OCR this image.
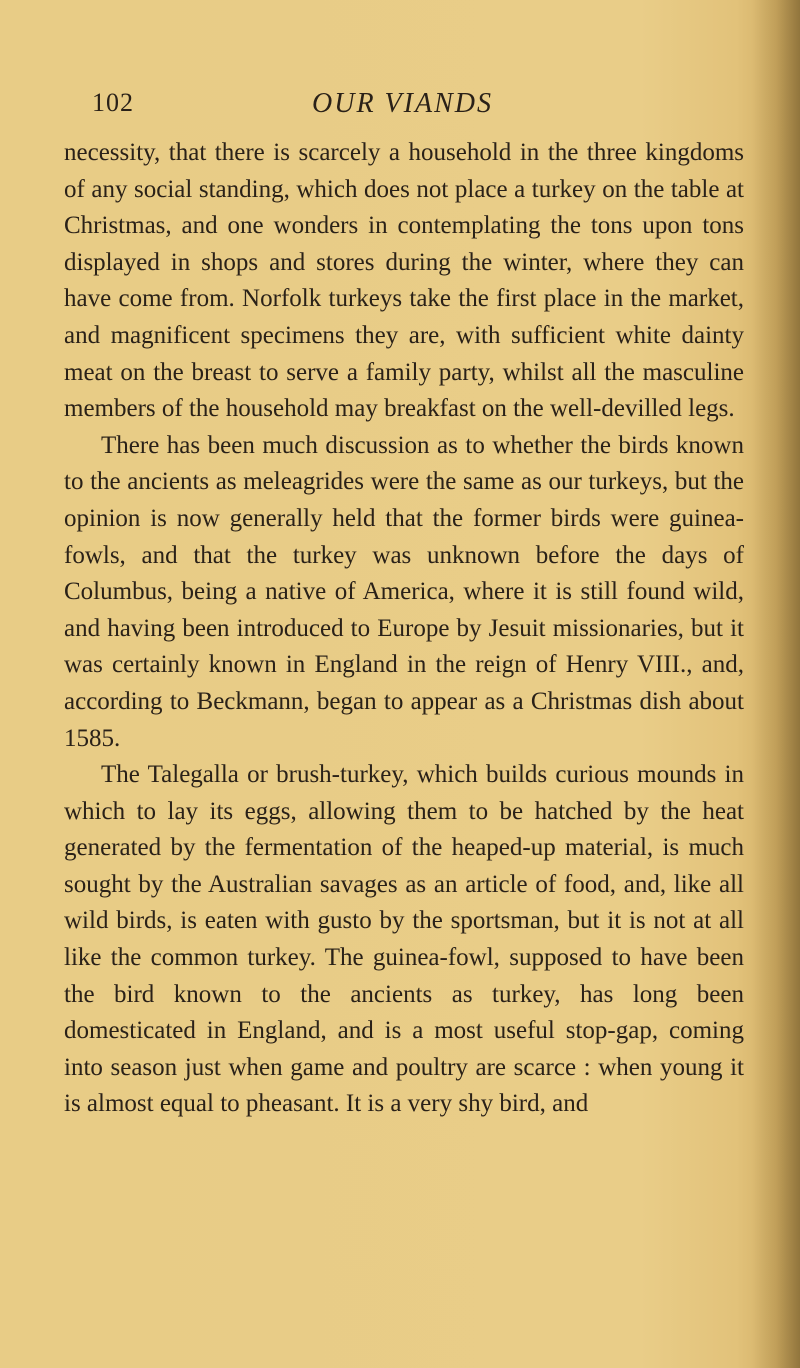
102	OUR VIANDS

necessity, that there is scarcely a household in the three kingdoms of any social standing, which does not place a turkey on the table at Christmas, and one wonders in contemplating the tons upon tons displayed in shops and stores during the winter, where they can have come from. Norfolk turkeys take the first place in the market, and magnificent specimens they are, with sufficient white dainty meat on the breast to serve a family party, whilst all the masculine members of the household may breakfast on the well-devilled legs.

There has been much discussion as to whether the birds known to the ancients as meleagrides were the same as our turkeys, but the opinion is now generally held that the former birds were guinea-fowls, and that the turkey was unknown before the days of Columbus, being a native of America, where it is still found wild, and having been introduced to Europe by Jesuit missionaries, but it was certainly known in England in the reign of Henry VIII., and, according to Beckmann, began to appear as a Christmas dish about 1585.

The Talegalla or brush-turkey, which builds curious mounds in which to lay its eggs, allowing them to be hatched by the heat generated by the fermentation of the heaped-up material, is much sought by the Australian savages as an article of food, and, like all wild birds, is eaten with gusto by the sportsman, but it is not at all like the common turkey. The guinea-fowl, supposed to have been the bird known to the ancients as turkey, has long been domesticated in England, and is a most useful stop-gap, coming into season just when game and poultry are scarce : when young it is almost equal to pheasant. It is a very shy bird, and
